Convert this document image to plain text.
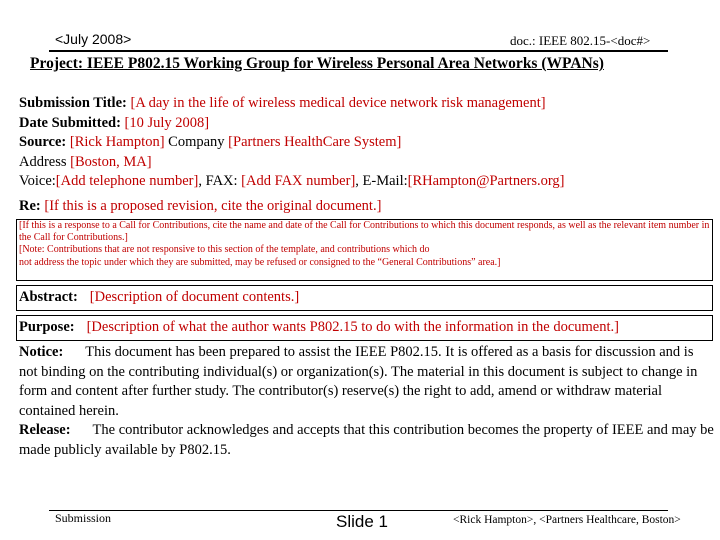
<July 2008>	doc.: IEEE 802.15-<doc#>
Project: IEEE P802.15 Working Group for Wireless Personal Area Networks (WPANs)
Submission Title: [A day in the life of wireless medical device network risk management]
Date Submitted: [10 July 2008]
Source: [Rick Hampton] Company [Partners HealthCare System]
Address [Boston, MA]
Voice:[Add telephone number], FAX: [Add FAX number], E-Mail:[RHampton@Partners.org]
Re: [If this is a proposed revision, cite the original document.]
[If this is a response to a Call for Contributions, cite the name and date of the Call for Contributions to which this document responds, as well as the relevant item number in the Call for Contributions.]
[Note: Contributions that are not responsive to this section of the template, and contributions which do
not address the topic under which they are submitted, may be refused or consigned to the “General Contributions” area.]
Abstract: [Description of document contents.]
Purpose: [Description of what the author wants P802.15 to do with the information in the document.]
Notice: This document has been prepared to assist the IEEE P802.15. It is offered as a basis for discussion and is not binding on the contributing individual(s) or organization(s). The material in this document is subject to change in form and content after further study. The contributor(s) reserve(s) the right to add, amend or withdraw material contained herein.
Release: The contributor acknowledges and accepts that this contribution becomes the property of IEEE and may be made publicly available by P802.15.
Submission	Slide 1	<Rick Hampton>, <Partners Healthcare, Boston>
